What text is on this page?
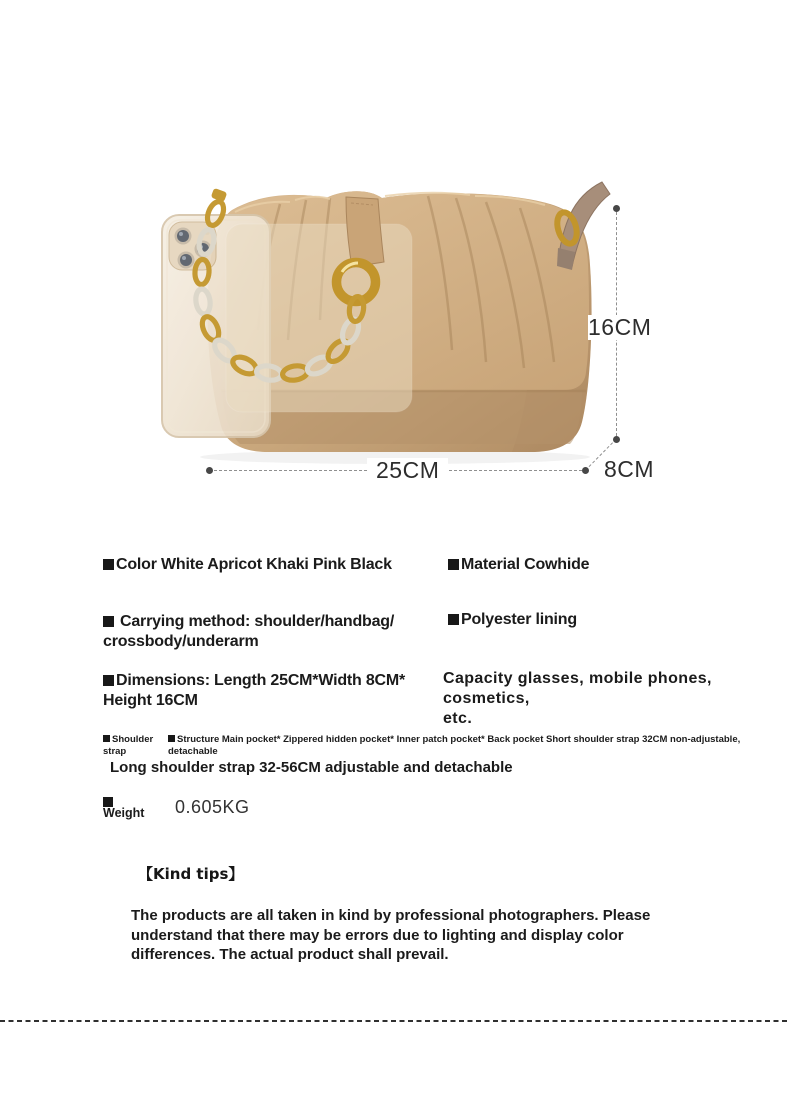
16CM
25CM	8CM
Color White Apricot Khaki Pink Black	Material Cowhide
Carrying method: shoulder/handbag/
crossbody/underarm
Polyester lining
Dimensions: Length 25CM*Width 8CM*
Height 16CM
Capacity glasses, mobile phones, cosmetics,
etc.
Shoulder strap
Structure Main pocket* Zippered hidden pocket* Inner patch pocket* Back pocket Short shoulder strap 32CM non-adjustable,
detachable
Long shoulder strap 32-56CM adjustable and detachable
Weight 0.605KG
【Kind tips】
The products are all taken in kind by professional photographers. Please
understand that there may be errors due to lighting and display color
differences. The actual product shall prevail.
